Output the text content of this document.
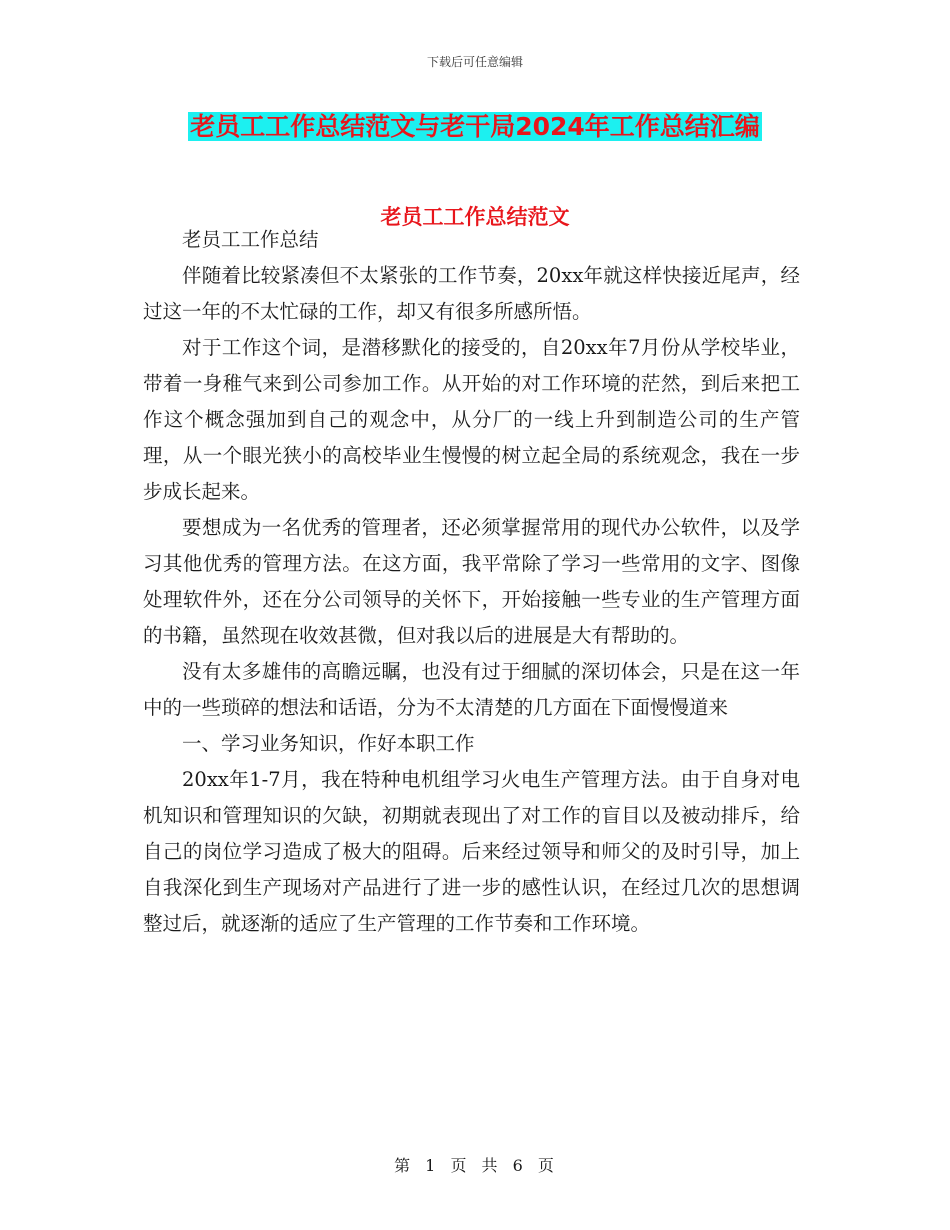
下载后可任意编辑
老员工工作总结范文与老干局2024年工作总结汇编
老员工工作总结范文

老员工工作总结

伴随着比较紧凑但不太紧张的工作节奏，20xx年就这样快接近尾声，经过这一年的不太忙碌的工作，却又有很多所感所悟。

对于工作这个词，是潜移默化的接受的，自20xx年7月份从学校毕业，带着一身稚气来到公司参加工作。从开始的对工作环境的茫然，到后来把工作这个概念强加到自己的观念中，从分厂的一线上升到制造公司的生产管理，从一个眼光狭小的高校毕业生慢慢的树立起全局的系统观念，我在一步步成长起来。

要想成为一名优秀的管理者，还必须掌握常用的现代办公软件，以及学习其他优秀的管理方法。在这方面，我平常除了学习一些常用的文字、图像处理软件外，还在分公司领导的关怀下，开始接触一些专业的生产管理方面的书籍，虽然现在收效甚微，但对我以后的进展是大有帮助的。

没有太多雄伟的高瞻远瞩，也没有过于细腻的深切体会，只是在这一年中的一些琐碎的想法和话语，分为不太清楚的几方面在下面慢慢道来

一、学习业务知识，作好本职工作

20xx年1-7月，我在特种电机组学习火电生产管理方法。由于自身对电机知识和管理知识的欠缺，初期就表现出了对工作的盲目以及被动排斥，给自己的岗位学习造成了极大的阻碍。后来经过领导和师父的及时引导，加上自我深化到生产现场对产品进行了进一步的感性认识，在经过几次的思想调整过后，就逐渐的适应了生产管理的工作节奏和工作环境。

第 1 页 共 6 页
